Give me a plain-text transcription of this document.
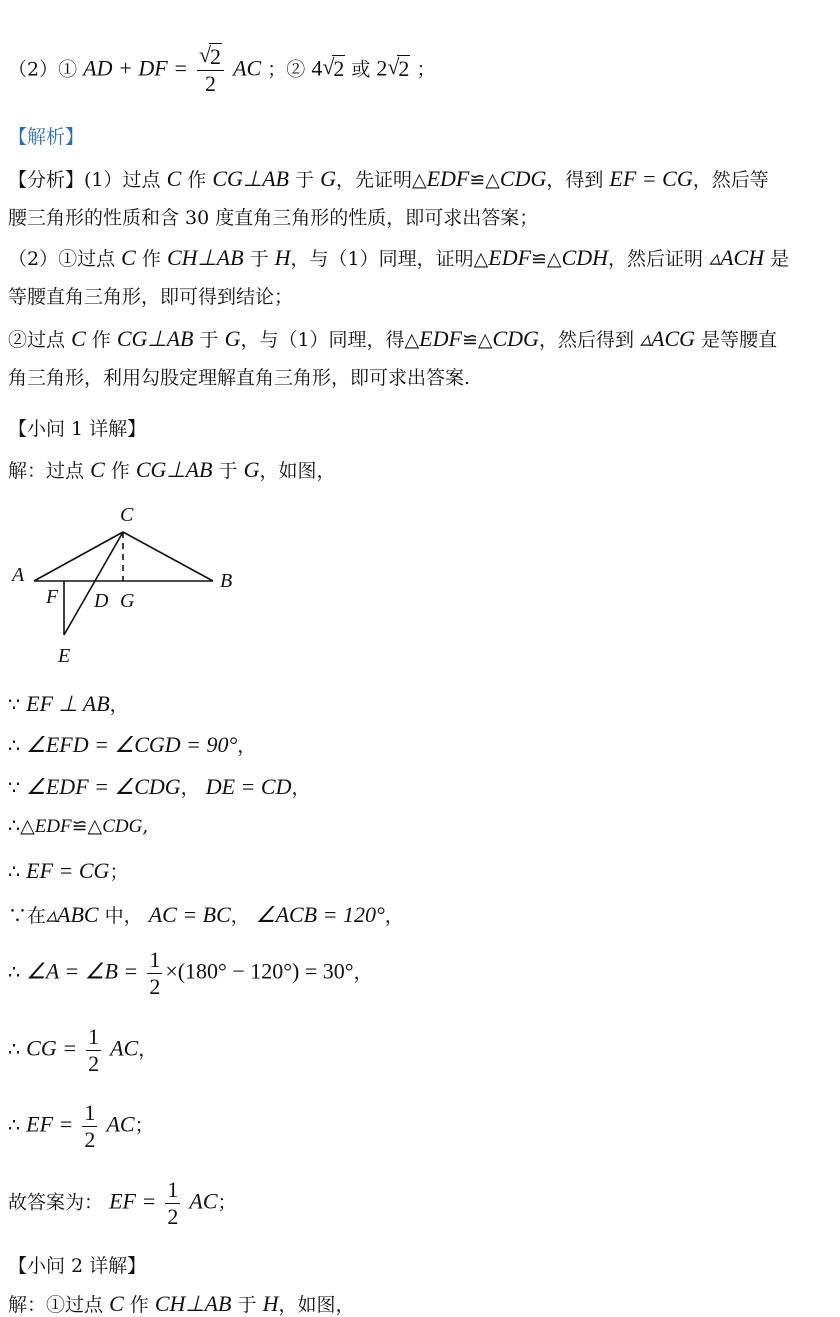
（2）① AD + DF = √
2
2 AC ；② 4 √
2 或 2 √
2 ；
【解析】
【分析】(1）过点 C 作 CG⊥AB 于 G，先证明△EDF≌△CDG，得到 EF = CG，然后等
腰三角形的性质和含 30 度直角三角形的性质，即可求出答案；
（2）①过点 C 作 CH⊥AB 于 H，与（1）同理，证明△EDF≌△CDH，然后证明 ▵ACH 是
等腰直角三角形，即可得到结论；
②过点 C 作 CG⊥AB 于 G，与（1）同理，得△EDF≌△CDG，然后得到 ▵ACG 是等腰直
角三角形，利用勾股定理解直角三角形，即可求出答案.
【小问 1 详解】
解：过点 C 作 CG⊥AB 于 G，如图，
C
A	B
F D G
E
∵ EF ⊥ AB，
∴ ∠EFD = ∠CGD = 90°，
∵ ∠EDF = ∠CDG， DE = CD，
∴△EDF≌△CDG,
∴ EF = CG；
∵在▵ABC 中， AC = BC， ∠ACB = 120°，
∴ ∠A = ∠B = $\frac{1}{2} \times(180^\circ - 120^\circ) = 30^\circ$，
∴ CG = $\frac{1}{2}$ AC，
∴ EF = $\frac{1}{2}$ AC；
故答案为： EF = $\frac{1}{2}$ AC；
【小问 2 详解】
解：①过点 C 作 CH⊥AB 于 H，如图，
